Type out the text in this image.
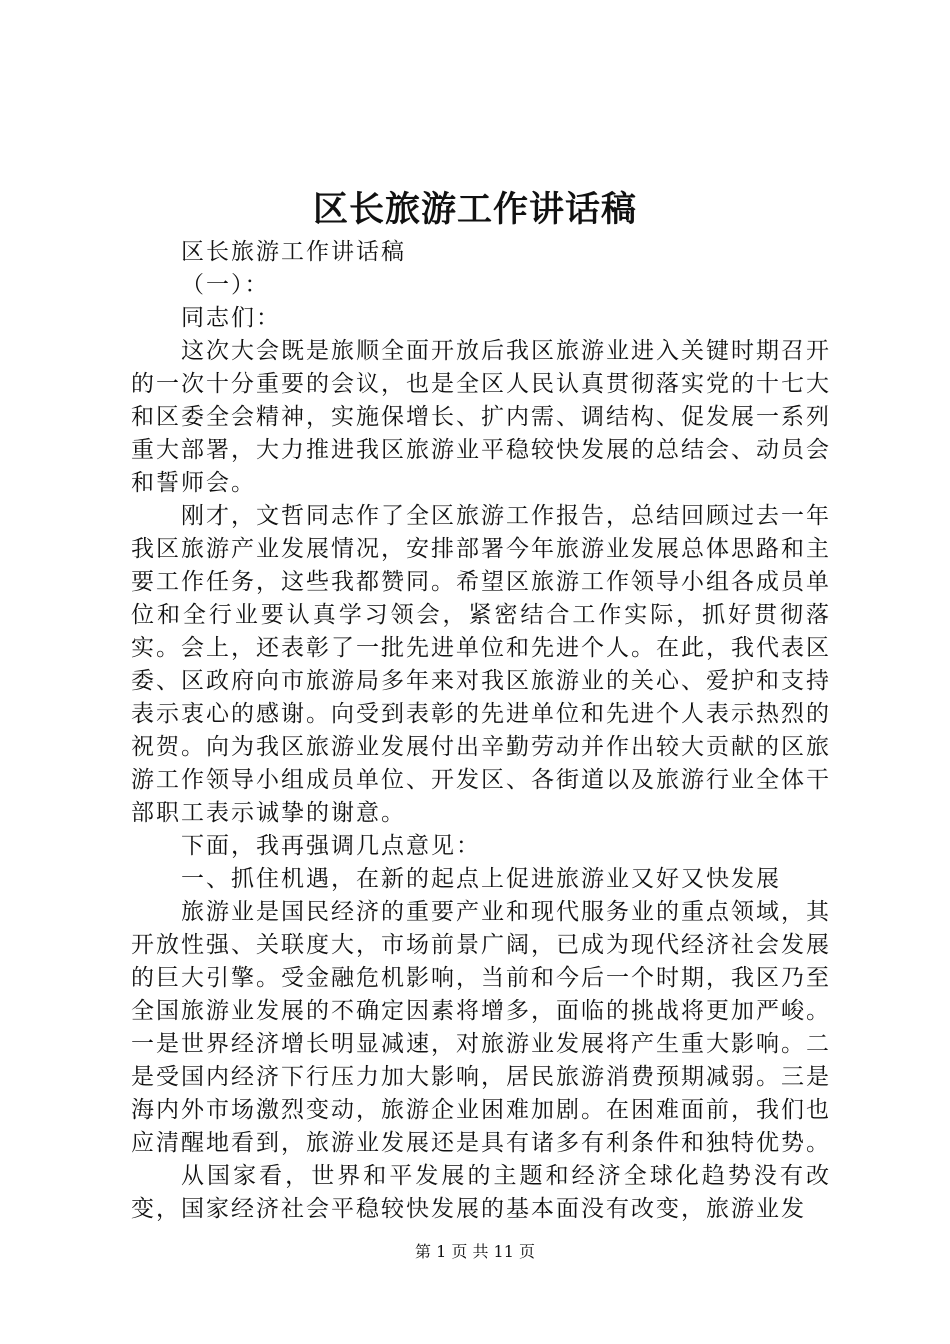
区长旅游工作讲话稿

区长旅游工作讲话稿

（一）：

同志们：

这次大会既是旅顺全面开放后我区旅游业进入关键时期召开的一次十分重要的会议，也是全区人民认真贯彻落实党的十七大和区委全会精神，实施保增长、扩内需、调结构、促发展一系列重大部署，大力推进我区旅游业平稳较快发展的总结会、动员会和誓师会。

刚才，文哲同志作了全区旅游工作报告，总结回顾过去一年我区旅游产业发展情况，安排部署今年旅游业发展总体思路和主要工作任务，这些我都赞同。希望区旅游工作领导小组各成员单位和全行业要认真学习领会，紧密结合工作实际，抓好贯彻落实。会上，还表彰了一批先进单位和先进个人。在此，我代表区委、区政府向市旅游局多年来对我区旅游业的关心、爱护和支持表示衷心的感谢。向受到表彰的先进单位和先进个人表示热烈的祝贺。向为我区旅游业发展付出辛勤劳动并作出较大贡献的区旅游工作领导小组成员单位、开发区、各街道以及旅游行业全体干部职工表示诚挚的谢意。

下面，我再强调几点意见：

一、抓住机遇，在新的起点上促进旅游业又好又快发展

旅游业是国民经济的重要产业和现代服务业的重点领域，其开放性强、关联度大，市场前景广阔，已成为现代经济社会发展的巨大引擎。受金融危机影响，当前和今后一个时期，我区乃至全国旅游业发展的不确定因素将增多，面临的挑战将更加严峻。一是世界经济增长明显减速，对旅游业发展将产生重大影响。二是受国内经济下行压力加大影响，居民旅游消费预期减弱。三是海内外市场激烈变动，旅游企业困难加剧。在困难面前，我们也应清醒地看到，旅游业发展还是具有诸多有利条件和独特优势。

从国家看，世界和平发展的主题和经济全球化趋势没有改变，国家经济社会平稳较快发展的基本面没有改变，旅游业发

第 1 页 共 11 页
